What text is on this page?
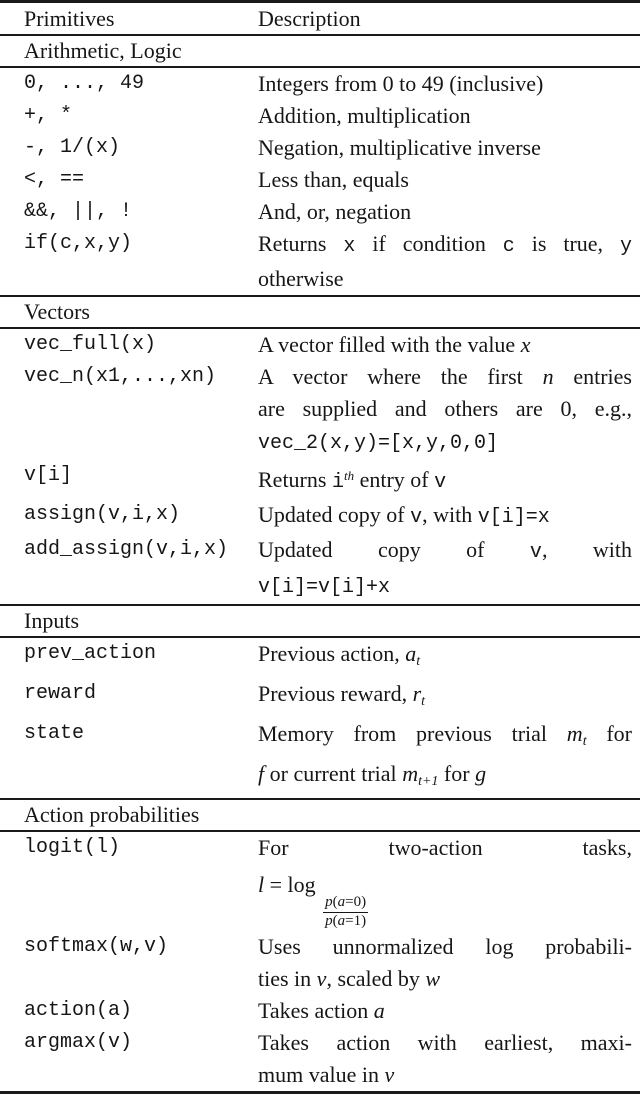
Primitives	Description
Arithmetic, Logic
0, ..., 49	Integers from 0 to 49 (inclusive)
+, *	Addition, multiplication
-, 1/(x)	Negation, multiplicative inverse
<, ==	Less than, equals
&&, ||, !	And, or, negation
if(c,x,y)	Returns x if condition c is true, y
otherwise
Vectors
vec_full(x)	A vector filled with the value x
vec_n(x1,...,xn)	A vector where the first n entries
are supplied and others are 0, e.g.,
vec_2(x,y)=[x,y,0,0]
v[i]	Returns $i^{th}$ entry of v
assign(v,i,x)	Updated copy of v, with v[i]=x
add_assign(v,i,x)	Updated copy of v, with
v[i]=v[i]+x
Inputs
prev_action	Previous action, at
reward	Previous reward, rt
state	Memory from previous trial mt for
f or current trial mt+1 for g
Action probabilities
logit(l)	For two-action tasks,
l = log
$\frac{p(a=0)}{p(a=1)}$
softmax(w,v)	Uses unnormalized log probabili-
ties in v, scaled by w
action(a)	Takes action a
argmax(v)	Takes action with earliest, maxi-
mum value in v
